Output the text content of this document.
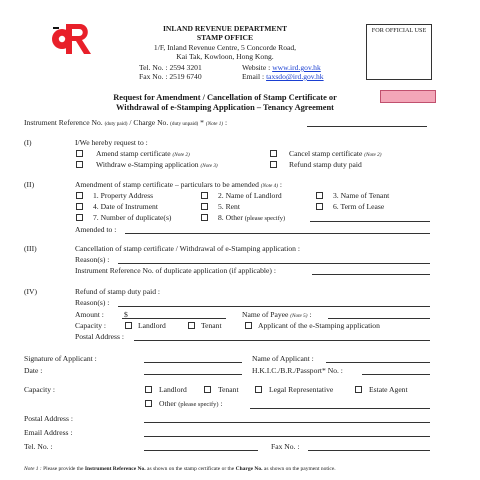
INLAND REVENUE DEPARTMENT
STAMP OFFICE
1/F, Inland Revenue Centre, 5 Concorde Road,
Kai Tak, Kowloon, Hong Kong.
Tel. No. : 2594 3201
Fax No. : 2519 6740
Website : www.ird.gov.hk
Email : taxsdo@ird.gov.hk
FOR OFFICIAL USE
Request for Amendment / Cancellation of Stamp Certificate or
Withdrawal of e-Stamping Application – Tenancy Agreement
Instrument Reference No. (duty paid) / Charge No. (duty unpaid) * (Note 1) :
(I)	I/We hereby request to :
Amend stamp certificate (Note 2)	Cancel stamp certificate (Note 2)
Withdraw e-Stamping application (Note 3)	Refund stamp duty paid
(II)	Amendment of stamp certificate – particulars to be amended (Note 4) :
1. Property Address	2. Name of Landlord	3. Name of Tenant
4. Date of Instrument	5. Rent	6. Term of Lease
7. Number of duplicate(s)	8. Other (please specify)
Amended to :
(III)	Cancellation of stamp certificate / Withdrawal of e-Stamping application :
Reason(s) :
Instrument Reference No. of duplicate application (if applicable) :
(IV)	Refund of stamp duty paid :
Reason(s) :
Amount :	$	Name of Payee (Note 5) :
Capacity :	Landlord	Tenant	Applicant of the e-Stamping application
Postal Address :
Signature of Applicant :	Name of Applicant :
Date :	H.K.I.C./B.R./Passport* No. :
Capacity :	Landlord	Tenant	Legal Representative	Estate Agent
Other (please specify) :
Postal Address :
Email Address :
Tel. No. :	Fax No. :
Note 1 : Please provide the Instrument Reference No. as shown on the stamp certificate or the Charge No. as shown on the payment notice.
